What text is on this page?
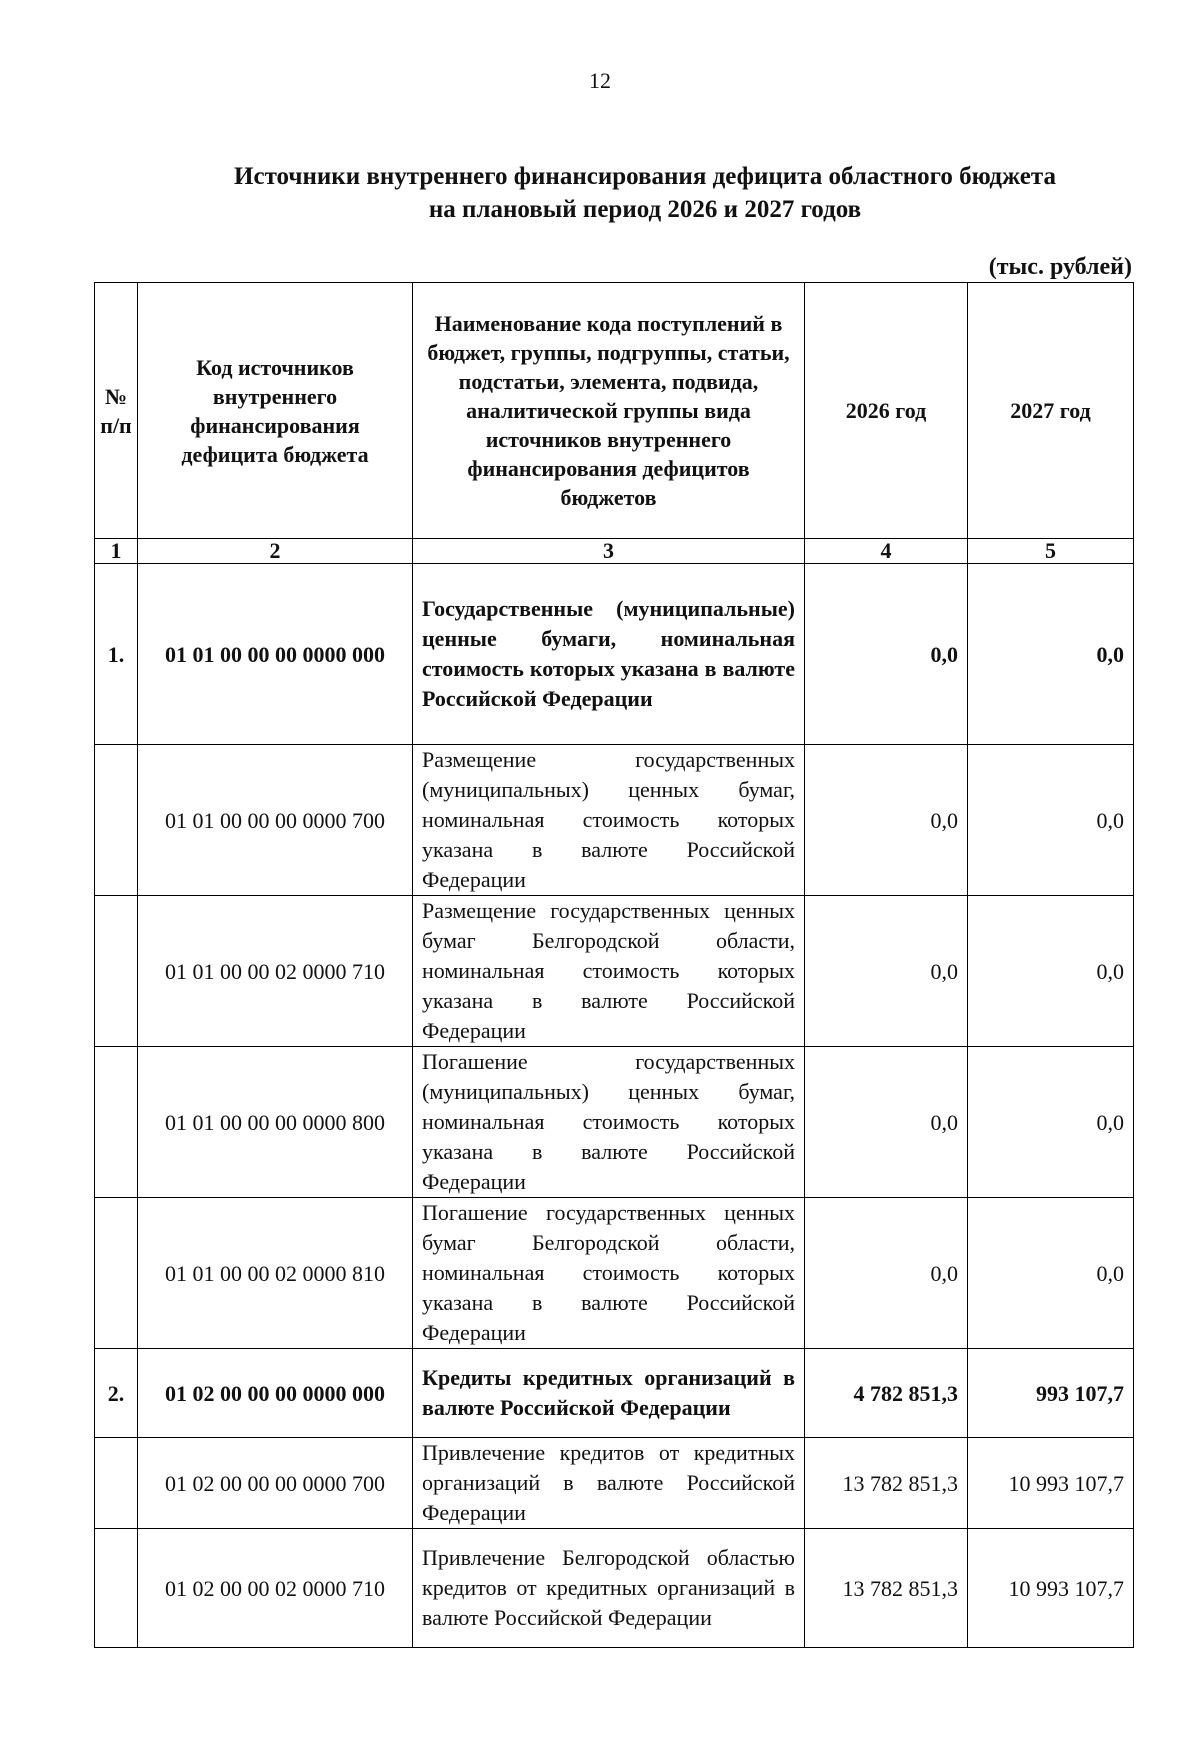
12
Источники внутреннего финансирования дефицита областного бюджета
на плановый период 2026 и 2027 годов
(тыс. рублей)
№ п/п	Код источников внутреннего финансирования дефицита бюджета	Наименование кода поступлений в бюджет, группы, подгруппы, статьи, подстатьи, элемента, подвида, аналитической группы вида источников внутреннего финансирования дефицитов бюджетов	2026 год	2027 год
1	2	3	4	5
1.	01 01 00 00 00 0000 000	Государственные (муниципальные) ценные бумаги, номинальная стоимость которых указана в валюте Российской Федерации	0,0	0,0
	01 01 00 00 00 0000 700	Размещение государственных (муниципальных) ценных бумаг, номинальная стоимость которых указана в валюте Российской Федерации	0,0	0,0
	01 01 00 00 02 0000 710	Размещение государственных ценных бумаг Белгородской области, номинальная стоимость которых указана в валюте Российской Федерации	0,0	0,0
	01 01 00 00 00 0000 800	Погашение государственных (муниципальных) ценных бумаг, номинальная стоимость которых указана в валюте Российской Федерации	0,0	0,0
	01 01 00 00 02 0000 810	Погашение государственных ценных бумаг Белгородской области, номинальная стоимость которых указана в валюте Российской Федерации	0,0	0,0
2.	01 02 00 00 00 0000 000	Кредиты кредитных организаций в валюте Российской Федерации	4 782 851,3	993 107,7
	01 02 00 00 00 0000 700	Привлечение кредитов от кредитных организаций в валюте Российской Федерации	13 782 851,3	10 993 107,7
	01 02 00 00 02 0000 710	Привлечение Белгородской областью кредитов от кредитных организаций в валюте Российской Федерации	13 782 851,3	10 993 107,7
